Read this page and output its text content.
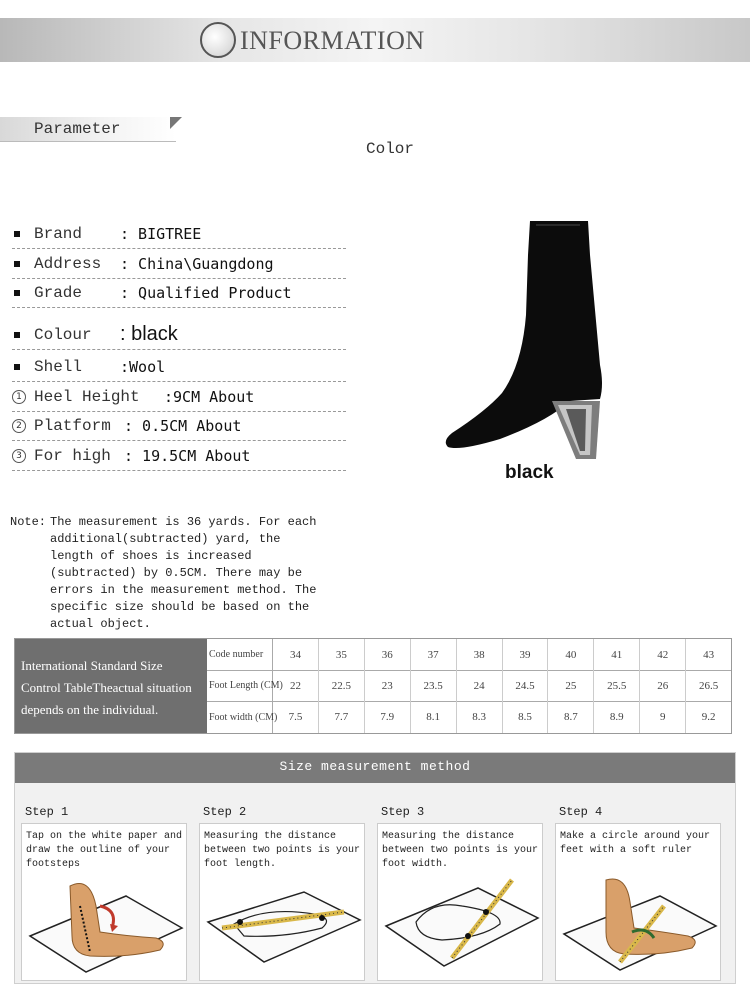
INFORMATION
Parameter
Color
Brand	: BIGTREE
Address : China\Guangdong
Grade	: Qualified Product
Colour : black
Shell	:Wool
1 Heel Height :9CM About
2 Platform : 0.5CM About
3 For high : 19.5CM About
black
Note: The measurement is 36 yards. For each additional(subtracted) yard, the length of shoes is increased (subtracted) by 0.5CM. There may be errors in the measurement method. The specific size should be based on the actual object.
International Standard Size
Control TableTheactual situation
depends on the individual.
Code number	34	35	36	37	38	39	40	41	42	43
Foot Length (CM) 22	22.5	23	23.5	24	24.5	25	25.5	26	26.5
Foot width (CM)	7.5	7.7	7.9	8.1	8.3	8.5	8.7	8.9	9	9.2
Size measurement method
Step 1
Tap on the white paper and draw the outline of your footsteps
Step 2
Measuring the distance between two points is your foot length.
Step 3
Measuring the distance between two points is your foot width.
Step 4
Make a circle around your feet with a soft ruler
